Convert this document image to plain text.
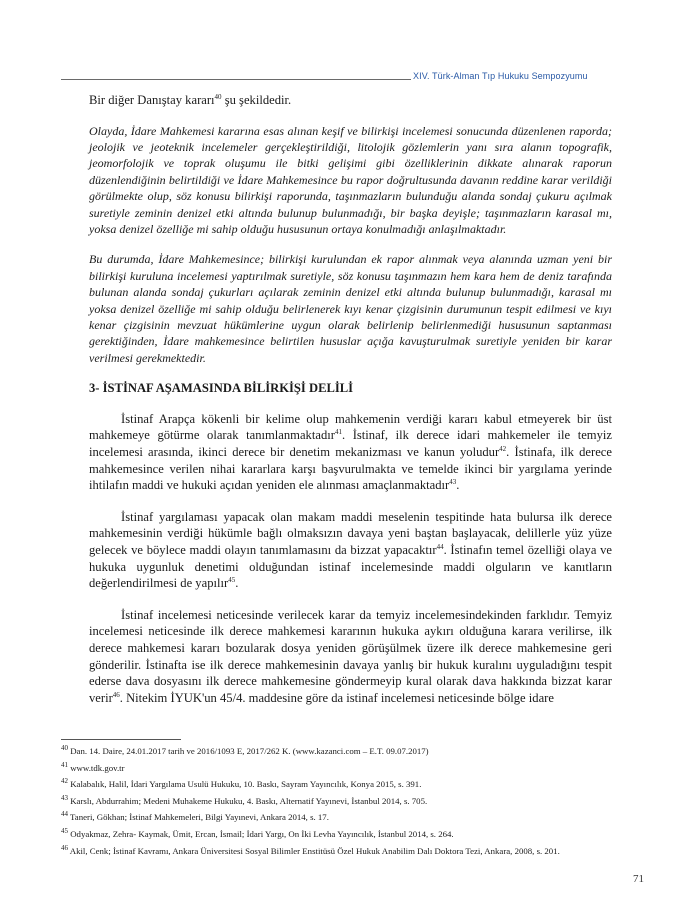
XIV. Türk-Alman Tıp Hukuku Sempozyumu

Bir diğer Danıştay kararı$^{40}$ şu şekildedir.

Olayda, İdare Mahkemesi kararına esas alınan keşif ve bilirkişi incelemesi sonucunda düzenlenen raporda; jeolojik ve jeoteknik incelemeler gerçekleştirildiği, litolojik gözlemlerin yanı sıra alanın topografik, jeomorfolojik ve toprak oluşumu ile bitki gelişimi gibi özelliklerinin dikkate alınarak raporun düzenlendiğinin belirtildiği ve İdare Mahkemesince bu rapor doğrultusunda davanın reddine karar verildiği görülmekte olup, söz konusu bilirkişi raporunda, taşınmazların bulunduğu alanda sondaj çukuru açılmak suretiyle zeminin denizel etki altında bulunup bulunmadığı, bir başka deyişle; taşınmazların karasal mı, yoksa denizel özelliğe mi sahip olduğu hususunun ortaya konulmadığı anlaşılmaktadır.

Bu durumda, İdare Mahkemesince; bilirkişi kurulundan ek rapor alınmak veya alanında uzman yeni bir bilirkişi kuruluna incelemesi yaptırılmak suretiyle, söz konusu taşınmazın hem kara hem de deniz tarafında bulunan alanda sondaj çukurları açılarak zeminin denizel etki altında bulunup bulunmadığı, karasal mı yoksa denizel özelliğe mi sahip olduğu belirlenerek kıyı kenar çizgisinin durumunun tespit edilmesi ve kıyı kenar çizgisinin mevzuat hükümlerine uygun olarak belirlenip belirlenmediği hususunun saptanması gerektiğinden, İdare mahkemesince belirtilen hususlar açığa kavuşturulmak suretiyle yeniden bir karar verilmesi gerekmektedir.

3- İSTİNAF AŞAMASINDA BİLİRKİŞİ DELİLİ

İstinaf Arapça kökenli bir kelime olup mahkemenin verdiği kararı kabul etmeyerek bir üst mahkemeye götürme olarak tanımlanmaktadır$^{41}$. İstinaf, ilk derece idari mahkemeler ile temyiz incelemesi arasında, ikinci derece bir denetim mekanizması ve kanun yoludur$^{42}$. İstinafa, ilk derece mahkemesince verilen nihai kararlara karşı başvurulmakta ve temelde ikinci bir yargılama yerinde ihtilafın maddi ve hukuki açıdan yeniden ele alınması amaçlanmaktadır$^{43}$.

İstinaf yargılaması yapacak olan makam maddi meselenin tespitinde hata bulursa ilk derece mahkemesinin verdiği hükümle bağlı olmaksızın davaya yeni baştan başlayacak, delillerle yüz yüze gelecek ve böylece maddi olayın tanımlamasını da bizzat yapacaktır$^{44}$. İstinafın temel özelliği olaya ve hukuka uygunluk denetimi olduğundan istinaf incelemesinde maddi olguların ve kanıtların değerlendirilmesi de yapılır$^{45}$.

İstinaf incelemesi neticesinde verilecek karar da temyiz incelemesindekinden farklıdır. Temyiz incelemesi neticesinde ilk derece mahkemesi kararının hukuka aykırı olduğuna karara verilirse, ilk derece mahkemesi kararı bozularak dosya yeniden görüşülmek üzere ilk derece mahkemesine geri gönderilir. İstinafta ise ilk derece mahkemesinin davaya yanlış bir hukuk kuralını uyguladığını tespit ederse dava dosyasını ilk derece mahkemesine göndermeyip kural olarak dava hakkında bizzat karar verir$^{46}$. Nitekim İYUK'un 45/4. maddesine göre da istinaf incelemesi neticesinde bölge idare

$^{40}$ Dan. 14. Daire, 24.01.2017 tarih ve 2016/1093 E, 2017/262 K. (www.kazanci.com – E.T. 09.07.2017)
$^{41}$ www.tdk.gov.tr
$^{42}$ Kalabalık, Halil, İdari Yargılama Usulü Hukuku, 10. Baskı, Sayram Yayıncılık, Konya 2015, s. 391.
$^{43}$ Karslı, Abdurrahim; Medeni Muhakeme Hukuku, 4. Baskı, Alternatif Yayınevi, İstanbul 2014, s. 705.
$^{44}$ Taneri, Gökhan; İstinaf Mahkemeleri, Bilgi Yayınevi, Ankara 2014, s. 17.
$^{45}$ Odyakmaz, Zehra- Kaymak, Ümit, Ercan, İsmail; İdari Yargı, On İki Levha Yayıncılık, İstanbul 2014, s. 264.
$^{46}$ Akil, Cenk; İstinaf Kavramı, Ankara Üniversitesi Sosyal Bilimler Enstitüsü Özel Hukuk Anabilim Dalı Doktora Tezi, Ankara, 2008, s. 201.
71
